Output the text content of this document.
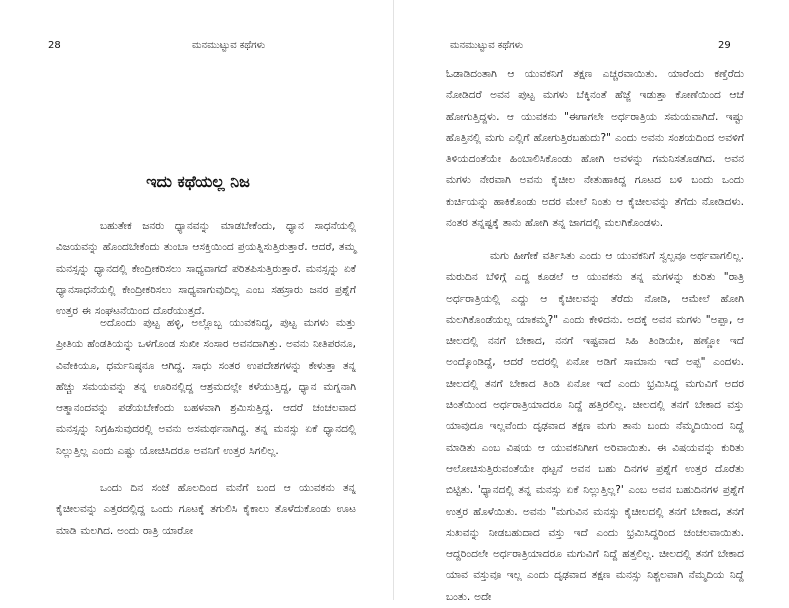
28	ಮನಮುಟ್ಟುವ ಕಥೆಗಳು
ಇದು ಕಥೆಯಲ್ಲ ನಿಜ

ಬಹುತೇಕ ಜನರು ಧ್ಯಾನವನ್ನು ಮಾಡಬೇಕೆಂದು, ಧ್ಯಾನ ಸಾಧನೆಯಲ್ಲಿ ವಿಜಯವನ್ನು ಹೊಂದಬೇಕೆಂದು ತುಂಬಾ ಆಸಕ್ತಿಯಿಂದ ಪ್ರಯತ್ನಿಸುತ್ತಿರುತ್ತಾರೆ. ಆದರೆ, ತಮ್ಮ ಮನಸ್ಸನ್ನು ಧ್ಯಾನದಲ್ಲಿ ಕೇಂದ್ರೀಕರಿಸಲು ಸಾಧ್ಯವಾಗದೆ ಪರಿತಪಿಸುತ್ತಿರುತ್ತಾರೆ. ಮನಸ್ಸನ್ನು ಏಕೆ ಧ್ಯಾನಸಾಧನೆಯಲ್ಲಿ ಕೇಂದ್ರೀಕರಿಸಲು ಸಾಧ್ಯವಾಗುವುದಿಲ್ಲ ಎಂಬ ಸಹಸ್ರಾರು ಜನರ ಪ್ರಶ್ನೆಗೆ ಉತ್ತರ ಈ ಸಂಘಟನೆಯಿಂದ ದೊರೆಯುತ್ತದೆ.

ಅದೊಂದು ಪುಟ್ಟ ಹಳ್ಳಿ, ಅಲ್ಲೊಬ್ಬ ಯುವಕನಿದ್ದ, ಪುಟ್ಟ ಮಗಳು ಮತ್ತು ಪ್ರೀತಿಯ ಹೆಂಡತಿಯನ್ನು ಒಳಗೊಂಡ ಸುಖೀ ಸಂಸಾರ ಅವನದಾಗಿತ್ತು. ಅವನು ನೀತಿಪರನೂ, ವಿವೇಕಿಯೂ, ಧರ್ಮನಿಷ್ಠನೂ ಆಗಿದ್ದ. ಸಾಧು ಸಂತರ ಉಪದೇಶಗಳನ್ನು ಕೇಳುತ್ತಾ ತನ್ನ ಹೆಚ್ಚು ಸಮಯವನ್ನು ತನ್ನ ಊರಿನಲ್ಲಿದ್ದ ಆಶ್ರಮದಲ್ಲೇ ಕಳೆಯುತ್ತಿದ್ದ, ಧ್ಯಾನ ಮಗ್ನನಾಗಿ ಆತ್ಮಾನಂದವನ್ನು ಪಡೆಯಬೇಕೆಂದು ಬಹಳವಾಗಿ ಶ್ರಮಿಸುತ್ತಿದ್ದ. ಆದರೆ ಚಂಚಲವಾದ ಮನಸ್ಸನ್ನು ನಿಗ್ರಹಿಸುವುದರಲ್ಲಿ ಅವನು ಅಸಮರ್ಥನಾಗಿದ್ದ. ತನ್ನ ಮನಸ್ಸು ಏಕೆ ಧ್ಯಾನದಲ್ಲಿ ನಿಲ್ಲುತ್ತಿಲ್ಲ ಎಂದು ಎಷ್ಟು ಯೋಚಿಸಿದರೂ ಅವನಿಗೆ ಉತ್ತರ ಸಿಗಲಿಲ್ಲ.

ಒಂದು ದಿನ ಸಂಜೆ ಹೊಲದಿಂದ ಮನೆಗೆ ಬಂದ ಆ ಯುವಕನು ತನ್ನ ಕೈಚೀಲವನ್ನು ಎತ್ತರದಲ್ಲಿದ್ದ ಒಂದು ಗೂಟಕ್ಕೆ ತಗುಲಿಸಿ ಕೈಕಾಲು ತೊಳೆದುಕೊಂಡು ಊಟ ಮಾಡಿ ಮಲಗಿದ. ಅಂದು ರಾತ್ರಿ ಯಾರೋ

ಮನಮುಟ್ಟುವ ಕಥೆಗಳು	29

ಓಡಾಡಿದಂತಾಗಿ ಆ ಯುವಕನಿಗೆ ತಕ್ಷಣ ಎಚ್ಚರವಾಯಿತು. ಯಾರೆಂದು ಕಣ್ತೆರೆದು ನೋಡಿದರೆ ಅವನ ಪುಟ್ಟ ಮಗಳು ಬೆಕ್ಕಿನಂತೆ ಹೆಜ್ಜೆ ಇಡುತ್ತಾ ಕೋಣೆಯಿಂದ ಆಚೆ ಹೋಗುತ್ತಿದ್ದಳು. ಆ ಯುವಕನು "ಈಗಾಗಲೇ ಅರ್ಧರಾತ್ರಿಯ ಸಮಯವಾಗಿದೆ. ಇಷ್ಟು ಹೊತ್ತಿನಲ್ಲಿ ಮಗು ಎಲ್ಲಿಗೆ ಹೋಗುತ್ತಿರಬಹುದು?" ಎಂದು ಅವನು ಸಂಶಯದಿಂದ ಅವಳಿಗೆ ತಿಳಿಯದಂತೆಯೇ ಹಿಂಬಾಲಿಸಿಕೊಂಡು ಹೋಗಿ ಅವಳನ್ನು ಗಮನಿಸತೊಡಗಿದ. ಅವನ ಮಗಳು ನೇರವಾಗಿ ಅವನು ಕೈಚೀಲ ನೇತುಹಾಕಿದ್ದ ಗೂಟದ ಬಳಿ ಬಂದು ಒಂದು ಕುರ್ಚಿಯನ್ನು ಹಾಕಿಕೊಂಡು ಅದರ ಮೇಲೆ ನಿಂತು ಆ ಕೈಚೀಲವನ್ನು ತೆಗೆದು ನೋಡಿದಳು. ನಂತರ ತನ್ನಷ್ಟಕ್ಕೆ ತಾನು ಹೋಗಿ ತನ್ನ ಜಾಗದಲ್ಲಿ ಮಲಗಿಕೊಂಡಳು.

ಮಗು ಹೀಗೇಕೆ ವರ್ತಿಸಿತು ಎಂದು ಆ ಯುವಕನಿಗೆ ಸ್ವಲ್ಪವೂ ಅರ್ಥವಾಗಲಿಲ್ಲ. ಮರುದಿನ ಬೆಳಿಗ್ಗೆ ಎದ್ದ ಕೂಡಲೆ ಆ ಯುವಕನು ತನ್ನ ಮಗಳನ್ನು ಕುರಿತು "ರಾತ್ರಿ ಅರ್ಧರಾತ್ರಿಯಲ್ಲಿ ಎದ್ದು ಆ ಕೈಚೀಲವನ್ನು ತೆರೆದು ನೋಡಿ, ಆಮೇಲೆ ಹೋಗಿ ಮಲಗಿಕೊಂಡೆಯಲ್ಲ ಯಾಕಮ್ಮ?" ಎಂದು ಕೇಳಿದನು. ಅದಕ್ಕೆ ಅವನ ಮಗಳು "ಅಪ್ಪಾ, ಆ ಚೀಲದಲ್ಲಿ ನನಗೆ ಬೇಕಾದ, ನನಗೆ ಇಷ್ಟವಾದ ಸಿಹಿ ತಿಂಡಿಯೇ, ಹಣ್ಣೋ ಇದೆ ಅಂದ್ಕೊಂಡಿದ್ದೆ, ಆದರೆ ಅದರಲ್ಲಿ ಏನೋ ಅಡಿಗೆ ಸಾಮಾನು ಇದೆ ಅಪ್ಪ" ಎಂದಳು. ಚೀಲದಲ್ಲಿ ತನಗೆ ಬೇಕಾದ ತಿಂಡಿ ಏನೋ ಇದೆ ಎಂದು ಭ್ರಮಿಸಿದ್ದ ಮಗುವಿಗೆ ಅದರ ಚಿಂತೆಯಿಂದ ಅರ್ಧರಾತ್ರಿಯಾದರೂ ನಿದ್ದೆ ಹತ್ತಿರಲಿಲ್ಲ. ಚೀಲದಲ್ಲಿ ತನಗೆ ಬೇಕಾದ ವಸ್ತು ಯಾವುದೂ ಇಲ್ಲವೆಂದು ದೃಢವಾದ ತಕ್ಷಣ ಮಗು ತಾನು ಬಂದು ನೆಮ್ಮದಿಯಿಂದ ನಿದ್ದೆ ಮಾಡಿತು ಎಂಬ ವಿಷಯ ಆ ಯುವಕನಿಗೀಗ ಅರಿವಾಯಿತು. ಈ ವಿಷಯವನ್ನು ಕುರಿತು ಆಲೋಚಿಸುತ್ತಿರುವಂತೆಯೇ ಥಟ್ಟನೆ ಅವನ ಬಹು ದಿನಗಳ ಪ್ರಶ್ನೆಗೆ ಉತ್ತರ ದೊರೆತು ಬಿಟ್ಟಿತು. 'ಧ್ಯಾನದಲ್ಲಿ ತನ್ನ ಮನಸ್ಸು ಏಕೆ ನಿಲ್ಲುತ್ತಿಲ್ಲ?' ಎಂಬ ಅವನ ಬಹುದಿನಗಳ ಪ್ರಶ್ನೆಗೆ ಉತ್ತರ ಹೊಳೆಯಿತು. ಅವನು "ಮಗುವಿನ ಮನಸ್ಸು ಕೈಚೀಲದಲ್ಲಿ ತನಗೆ ಬೇಕಾದ, ತನಗೆ ಸುಖವನ್ನು ನೀಡಬಹುದಾದ ವಸ್ತು ಇದೆ ಎಂದು ಭ್ರಮಿಸಿದ್ದರಿಂದ ಚಂಚಲವಾಯಿತು. ಆದ್ದರಿಂದಲೇ ಅರ್ಧರಾತ್ರಿಯಾದರೂ ಮಗುವಿಗೆ ನಿದ್ದೆ ಹತ್ತಲಿಲ್ಲ. ಚೀಲದಲ್ಲಿ ತನಗೆ ಬೇಕಾದ ಯಾವ ವಸ್ತುವೂ ಇಲ್ಲ ಎಂದು ದೃಢವಾದ ತಕ್ಷಣ ಮನಸ್ಸು ನಿಶ್ಚಲವಾಗಿ ನೆಮ್ಮದಿಯ ನಿದ್ದೆ ಬಂತು. ಅದೇ
